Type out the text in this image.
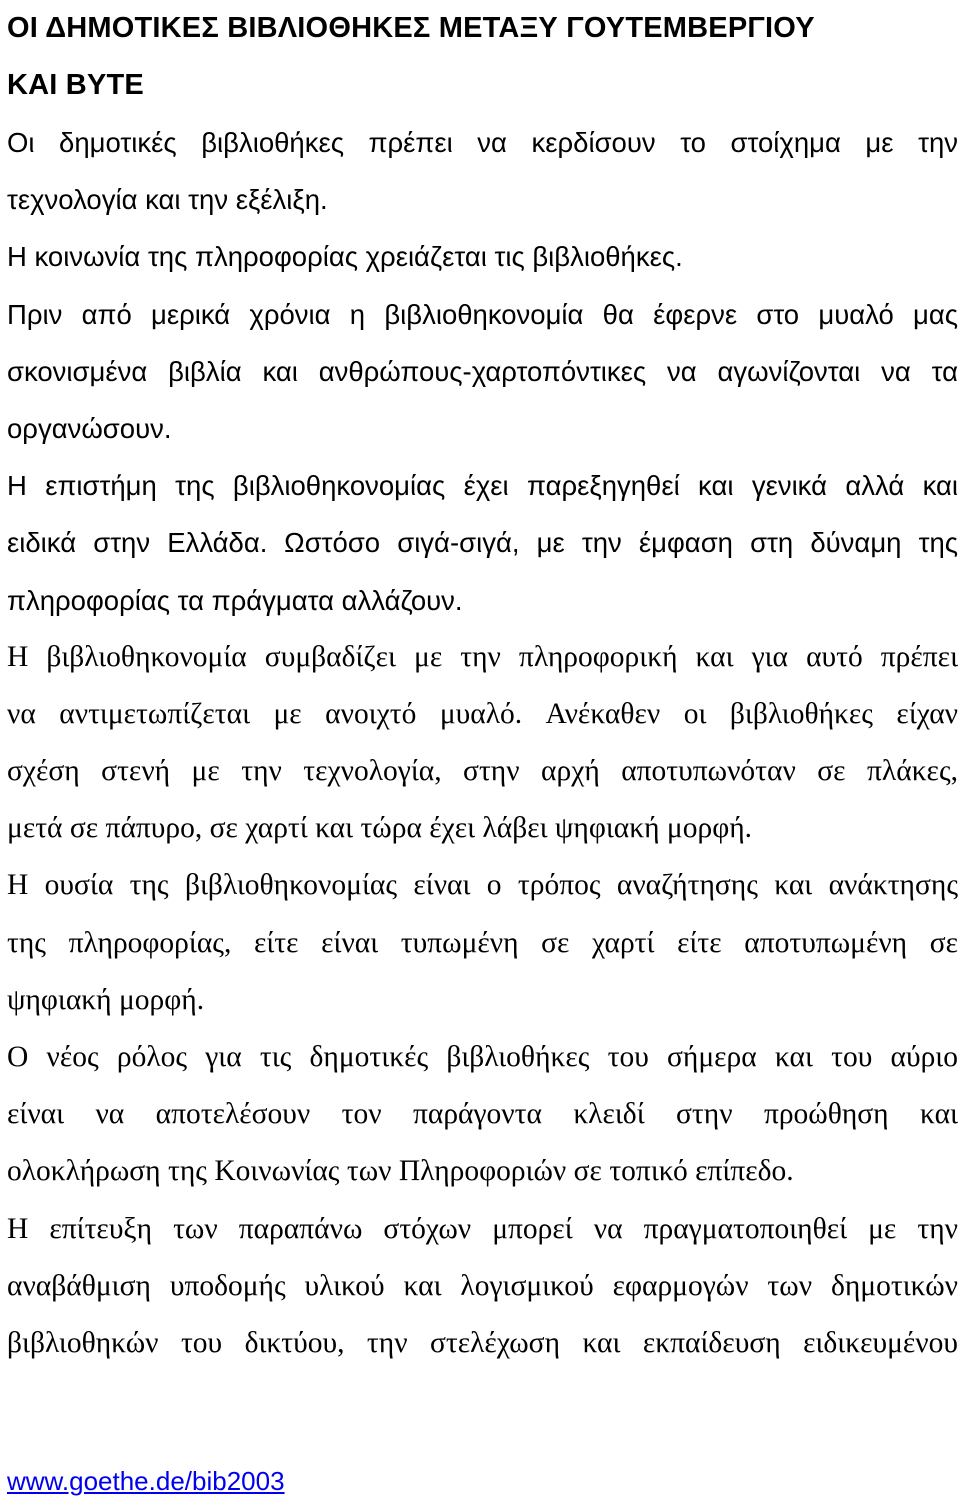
ΟΙ ΔΗΜΟΤΙΚΕΣ ΒΙΒΛΙΟΘΗΚΕΣ ΜΕΤΑΞΥ ΓΟΥΤΕΜΒΕΡΓΙΟΥ
ΚΑΙ ΒΥΤΕ
Οι δημοτικές βιβλιοθήκες πρέπει να κερδίσουν το στοίχημα με την
τεχνολογία και την εξέλιξη.
Η κοινωνία της πληροφορίας χρειάζεται τις βιβλιοθήκες.
Πριν από μερικά χρόνια η βιβλιοθηκονομία θα έφερνε στο μυαλό μας
σκονισμένα βιβλία και ανθρώπους-χαρτοπόντικες να αγωνίζονται να τα
οργανώσουν.
Η επιστήμη της βιβλιοθηκονομίας έχει παρεξηγηθεί και γενικά αλλά και
ειδικά στην Ελλάδα. Ωστόσο σιγά-σιγά, με την έμφαση στη δύναμη της
πληροφορίας τα πράγματα αλλάζουν.
Η βιβλιοθηκονομία συμβαδίζει με την πληροφορική και για αυτό πρέπει
να αντιμετωπίζεται με ανοιχτό μυαλό. Ανέκαθεν οι βιβλιοθήκες είχαν
σχέση στενή με την τεχνολογία, στην αρχή αποτυπωνόταν σε πλάκες,
μετά σε πάπυρο, σε χαρτί και τώρα έχει λάβει ψηφιακή μορφή.
Η ουσία της βιβλιοθηκονομίας είναι ο τρόπος αναζήτησης και ανάκτησης
της πληροφορίας, είτε είναι τυπωμένη σε χαρτί είτε αποτυπωμένη σε
ψηφιακή μορφή.
Ο νέος ρόλος για τις δημοτικές βιβλιοθήκες του σήμερα και του αύριο
είναι να αποτελέσουν τον παράγοντα κλειδί στην προώθηση και
ολοκλήρωση της Κοινωνίας των Πληροφοριών σε τοπικό επίπεδο.
Η επίτευξη των παραπάνω στόχων μπορεί να πραγματοποιηθεί με την
αναβάθμιση υποδομής υλικού και λογισμικού εφαρμογών των δημοτικών
βιβλιοθηκών του δικτύου, την στελέχωση και εκπαίδευση ειδικευμένου
www.goethe.de/bib2003
